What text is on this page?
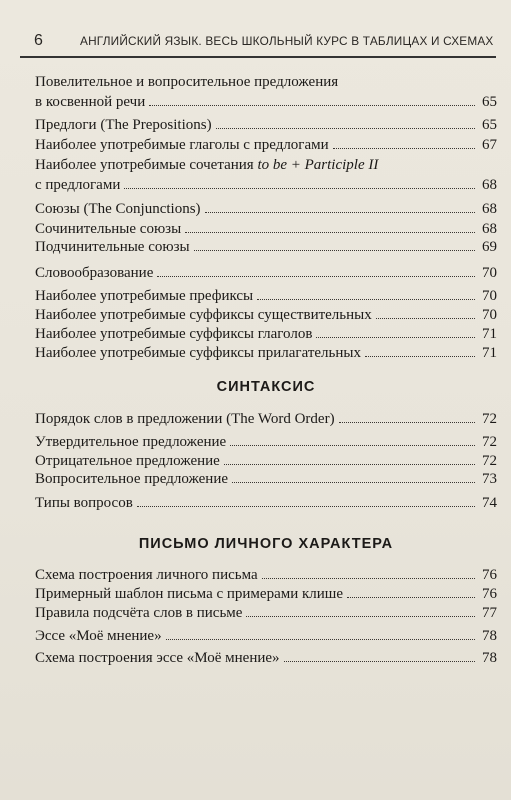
6	АНГЛИЙСКИЙ ЯЗЫК. ВЕСЬ ШКОЛЬНЫЙ КУРС В ТАБЛИЦАХ И СХЕМАХ
Повелительное и вопросительное предложения
в косвенной речи	65
Предлоги (The Prepositions)	65
Наиболее употребимые глаголы с предлогами	67
Наиболее употребимые сочетания to be + Participle II
с предлогами	68
Союзы (The Conjunctions)	68
Сочинительные союзы	68
Подчинительные союзы	69
Словообразование	70
Наиболее употребимые префиксы	70
Наиболее употребимые суффиксы существительных	70
Наиболее употребимые суффиксы глаголов	71
Наиболее употребимые суффиксы прилагательных	71
СИНТАКСИС
Порядок слов в предложении (The Word Order)	72
Утвердительное предложение	72
Отрицательное предложение	72
Вопросительное предложение	73
Типы вопросов	74
ПИСЬМО ЛИЧНОГО ХАРАКТЕРА
Схема построения личного письма	76
Примерный шаблон письма с примерами клише	76
Правила подсчёта слов в письме	77
Эссе «Моё мнение»	78
Схема построения эссе «Моё мнение»	78
